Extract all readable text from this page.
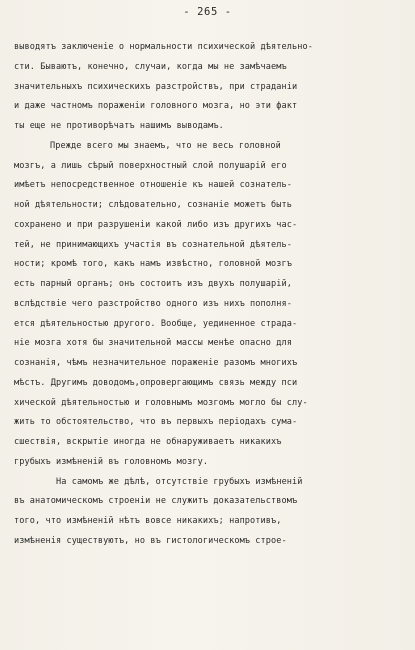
- 265 -
выводятъ заключеніе о нормальности психической дѣятельно-
сти. Бываютъ, конечно, случаи, когда мы не замѣчаемъ
значительныхъ психическихъ разстройствъ, при страданіи
и даже частномъ пораженіи головного мозга, но эти факт
ты еще не противорѣчатъ нашимъ выводамъ.
Прежде всего мы знаемъ, что не весь головной
мозгъ, а лишь сѣрый поверхностный слой полушарій его
имѣетъ непосредственное отношеніе къ нашей сознатель-
ной дѣятельности; слѣдовательно, сознаніе можетъ быть
сохранено и при разрушеніи какой либо изъ другихъ час-
тей, не принимающихъ участія въ сознательной дѣятель-
ности; кромѣ того, какъ намъ извѣстно, головной мозгъ
есть парный органъ; онъ состоитъ изъ двухъ полушарій,
вслѣдствіе чего разстройство одного изъ нихъ пополня-
ется дѣятельностью другого. Вообще, уединенное страда-
ніе мозга хотя бы значительной массы менѣе опасно для
сознанія, чѣмъ незначительное пораженіе разомъ многихъ
мѣстъ. Другимъ доводомъ,опровергающимъ связь между пси
хической дѣятельностью и головнымъ мозгомъ могло бы слу-
жить то обстоятельство, что въ первыхъ періодахъ сума-
сшествія, вскрытіе иногда не обнаруживаетъ никакихъ
грубыхъ измѣненій въ головномъ мозгу.
На самомъ же дѣлѣ, отсутствіе грубыхъ измѣненій
въ анатомическомъ строеніи не служитъ доказательствомъ
того, что измѣненій нѣтъ вовсе никакихъ; напротивъ,
измѣненія существуютъ, но въ гистологическомъ строе-
